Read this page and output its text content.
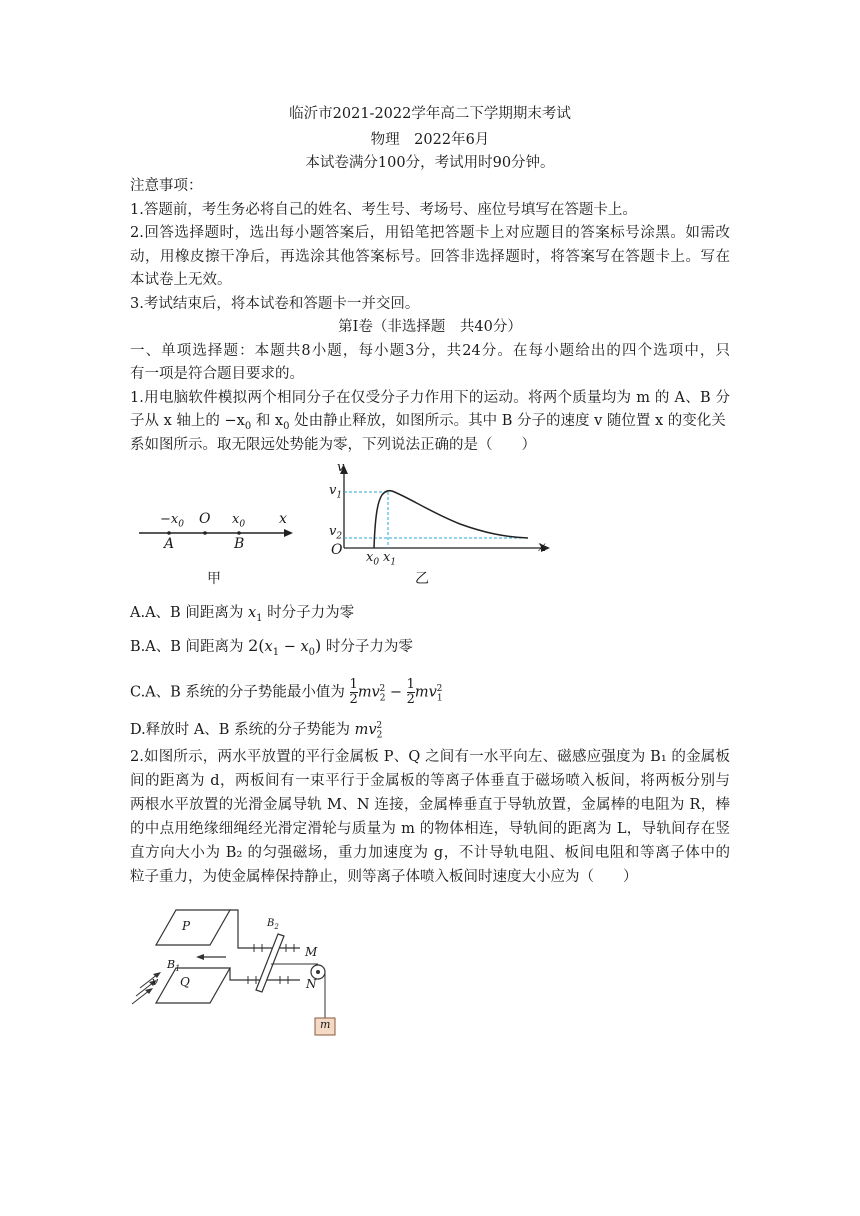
临沂市2021-2022学年高二下学期期末考试
物理　2022年6月
本试卷满分100分，考试用时90分钟。
注意事项：
1.答题前，考生务必将自己的姓名、考生号、考场号、座位号填写在答题卡上。
2.回答选择题时，选出每小题答案后，用铅笔把答题卡上对应题目的答案标号涂黑。如需改
动，用橡皮擦干净后，再选涂其他答案标号。回答非选择题时，将答案写在答题卡上。写在
本试卷上无效。
3.考试结束后，将本试卷和答题卡一并交回。
第Ⅰ卷（非选择题　共40分）
一、单项选择题：本题共8小题，每小题3分，共24分。在每小题给出的四个选项中，只
有一项是符合题目要求的。
1.用电脑软件模拟两个相同分子在仅受分子力作用下的运动。将两个质量均为 m 的 A、B 分
子从 x 轴上的 $-x_0$ 和 $x_0$ 处由静止释放，如图所示。其中 B 分子的速度 v 随位置 x 的变化关
系如图所示。取无限远处势能为零，下列说法正确的是（　　）
$-x_0$ O $x_0$ x
A	B
甲
v
$v_1$
$v_2$
O $x_0$ $x_1$
x
乙
A.A、B 间距离为 $x_1$ 时分子力为零
B.A、B 间距离为 $2(x_1 - x_0)$ 时分子力为零
C.A、B 系统的分子势能最小值为 $\frac{1}{2} mv_2^2 - \frac{1}{2} mv_1^2$
D.释放时 A、B 系统的分子势能为 $mv_2^2$
2.如图所示，两水平放置的平行金属板 P、Q 之间有一水平向左、磁感应强度为 B₁ 的金属板
间的距离为 d，两板间有一束平行于金属板的等离子体垂直于磁场喷入板间，将两板分别与
两根水平放置的光滑金属导轨 M、N 连接，金属棒垂直于导轨放置，金属棒的电阻为 R，棒
的中点用绝缘细绳经光滑定滑轮与质量为 m 的物体相连，导轨间的距离为 L，导轨间存在竖
直方向大小为 B₂ 的匀强磁场，重力加速度为 g，不计导轨电阻、板间电阻和等离子体中的
粒子重力，为使金属棒保持静止，则等离子体喷入板间时速度大小应为（　　）
P
Q
$B_1$
$B_2$
M
N
v
m
